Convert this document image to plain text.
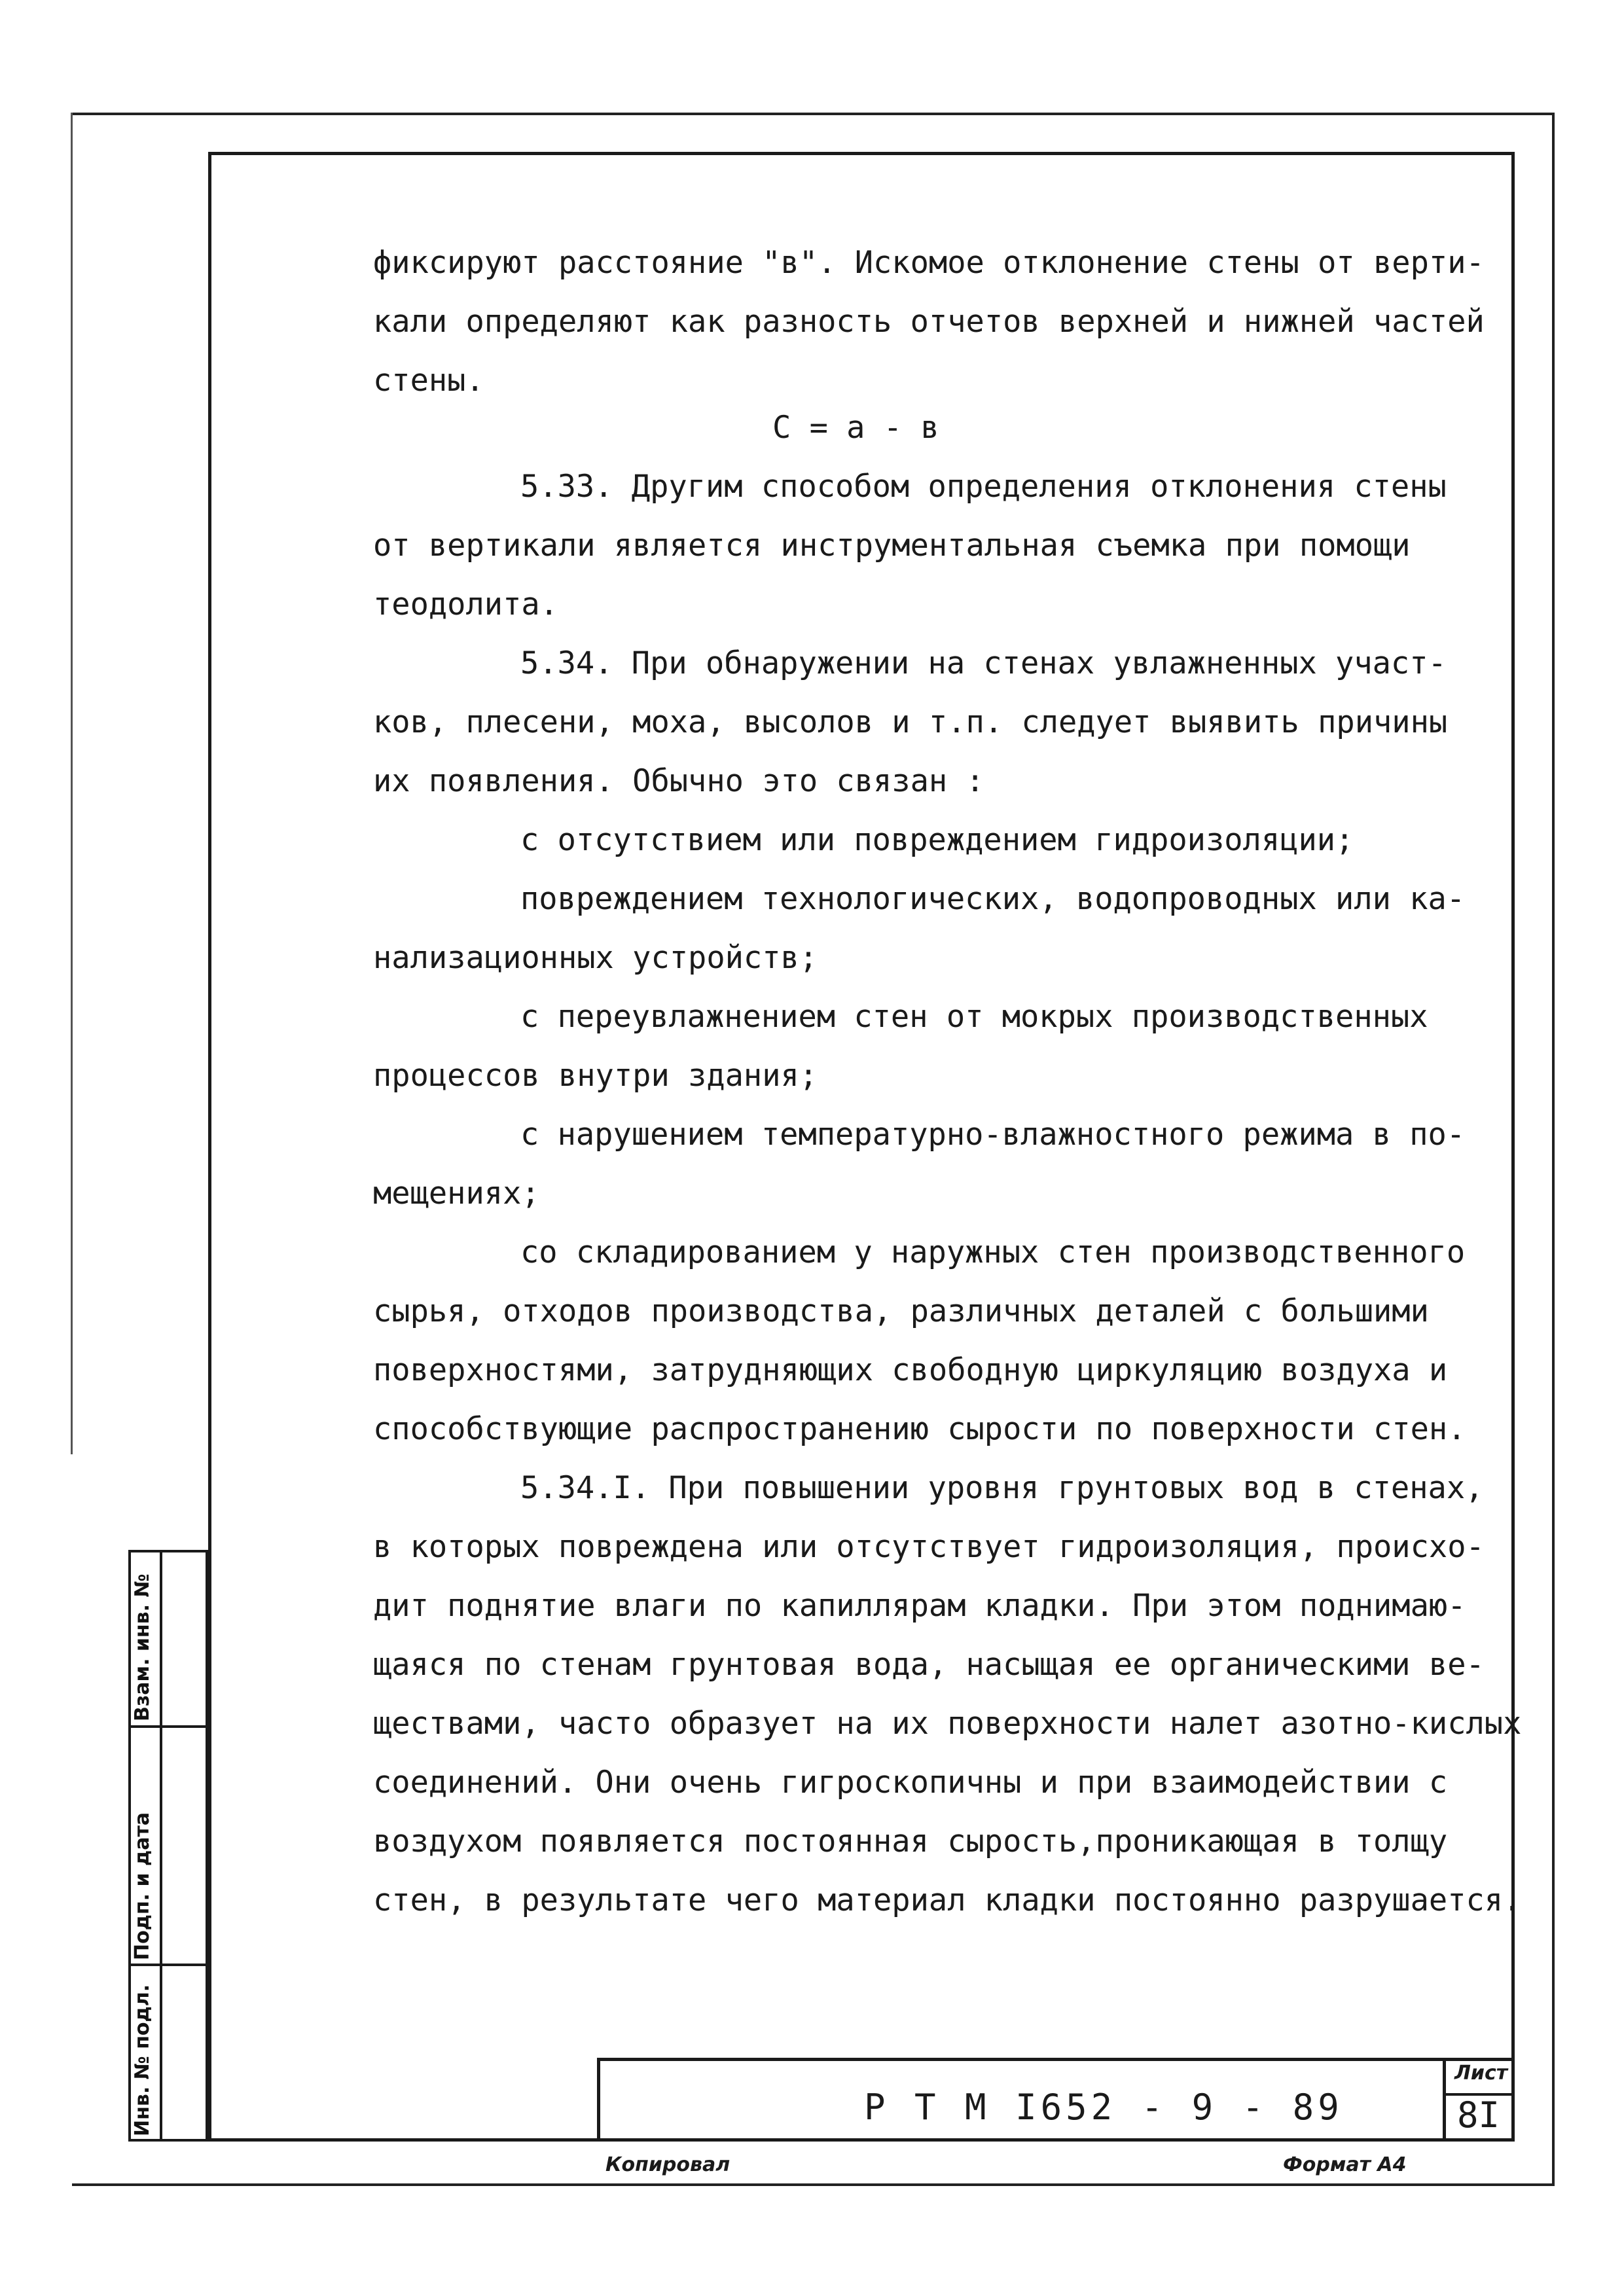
Взам. инв. №
Подп. и дата
Инв. № подл.
фиксируют расстояние "в". Искомое отклонение стены от верти-
кали определяют как разность отчетов верхней и нижней частей
стены.
С = а - в
5.33. Другим способом определения отклонения стены
от вертикали является инструментальная съемка при помощи
теодолита.
5.34. При обнаружении на стенах увлажненных участ-
ков, плесени, моха, высолов и т.п. следует выявить причины
их появления. Обычно это связан :
с отсутствием или повреждением гидроизоляции;
повреждением технологических, водопроводных или ка-
нализационных устройств;
с переувлажнением стен от мокрых производственных
процессов внутри здания;
с нарушением температурно-влажностного режима в по-
мещениях;
со складированием у наружных стен производственного
сырья, отходов производства, различных деталей с большими
поверхностями, затрудняющих свободную циркуляцию воздуха и
способствующие распространению сырости по поверхности стен.
5.34.I. При повышении уровня грунтовых вод в стенах,
в которых повреждена или отсутствует гидроизоляция, происхо-
дит поднятие влаги по капиллярам кладки. При этом поднимаю-
щаяся по стенам грунтовая вода, насыщая ее органическими ве-
ществами, часто образует на их поверхности налет азотно-кислых
соединений. Они очень гигроскопичны и при взаимодействии с
воздухом появляется постоянная сырость,проникающая в толщу
стен, в результате чего материал кладки постоянно разрушается.
Р Т М I652 - 9 - 89
Лист
8I
Копировал	Формат А4
